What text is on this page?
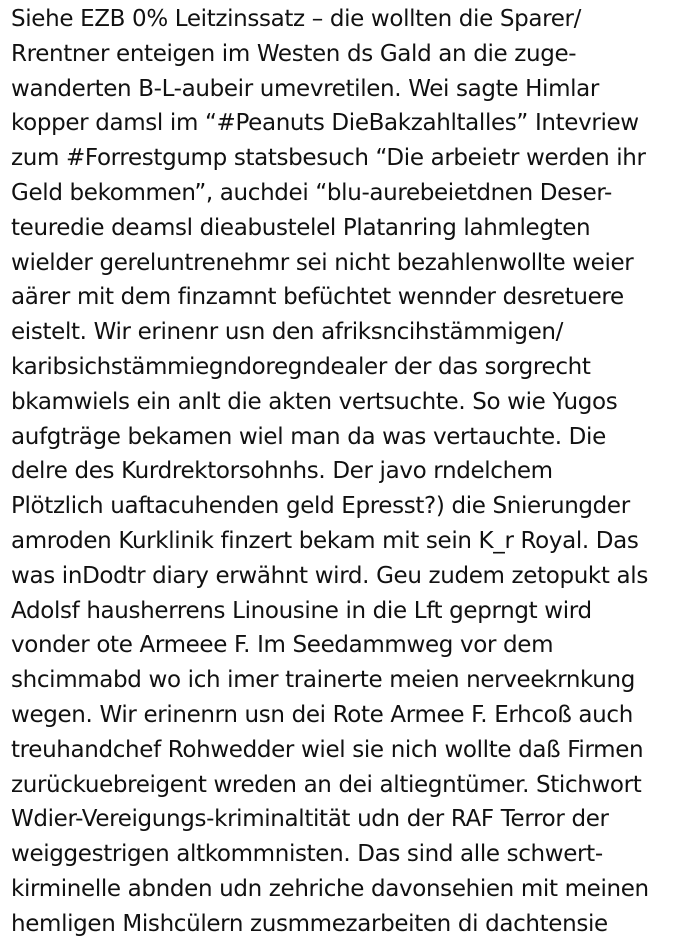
Siehe EZB 0% Leitzinssatz – die wollten die Sparer/
Rrentner enteigen im Westen ds Gald an die zuge-
wanderten B-L-aubeir umevretilen. Wei sagte Himlar
kopper damsl im “#Peanuts DieBakzahltalles” Intevriew
zum #Forrestgump statsbesuch “Die arbeietr werden ihr
Geld bekommen”, auchdei “blu-aurebeietdnen Deser-
teuredie deamsl dieabustelel Platanring lahmlegten
wielder gereluntrenehmr sei nicht bezahlenwollte weier
aärer mit dem finzamnt befüchtet wennder desretuere
eistelt. Wir erinenr usn den afriksncihstämmigen/
karibsichstämmiegndoregndealer der das sorgrecht
bkamwiels ein anlt die akten vertsuchte. So wie Yugos
aufgträge bekamen wiel man da was vertauchte. Die
delre des Kurdrektorsohnhs. Der javo rndelchem
Plötzlich uaftacuhenden geld Epresst?) die Snierungder
amroden Kurklinik finzert bekam mit sein K_r Royal. Das
was inDodtr diary erwähnt wird. Geu zudem zetopukt als
Adolsf hausherrens Linousine in die Lft geprngt wird
vonder ote Armeee F. Im Seedammweg vor dem
shcimmabd wo ich imer trainerte meien nerveekrnkung
wegen. Wir erinenrn usn dei Rote Armee F. Erhcoß auch
treuhandchef Rohwedder wiel sie nich wollte daß Firmen
zurückuebreigent wreden an dei altiegntümer. Stichwort
Wdier-Vereigungs-kriminaltität udn der RAF Terror der
weiggestrigen altkommnisten. Das sind alle schwert-
kirminelle abnden udn zehriche davonsehien mit meinen
hemligen Mishcülern zusmmezarbeiten di dachtensie
